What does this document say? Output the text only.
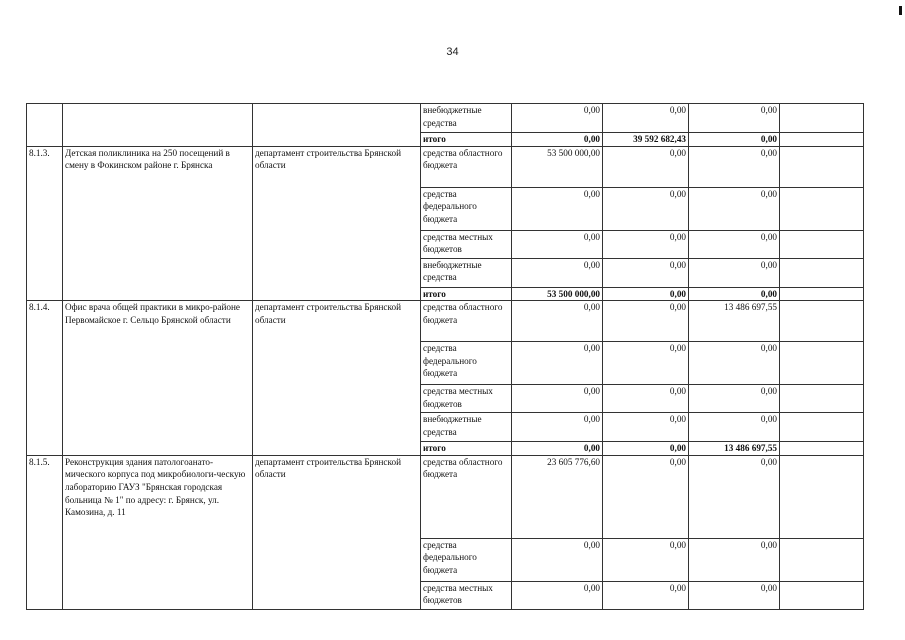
34
			внебюджетные средства	0,00	0,00	0,00	
			итого	0,00	39 592 682,43	0,00	
8.1.3.	Детская поликлиника на 250 посещений в смену в Фокинском районе г. Брянска	департамент строительства Брянской области	средства областного бюджета	53 500 000,00	0,00	0,00	
			средства федерального бюджета	0,00	0,00	0,00	
			средства местных бюджетов	0,00	0,00	0,00	
			внебюджетные средства	0,00	0,00	0,00	
			итого	53 500 000,00	0,00	0,00	
8.1.4.	Офис врача общей практики в микро-районе Первомайское г. Сельцо Брянской области	департамент строительства Брянской области	средства областного бюджета	0,00	0,00	13 486 697,55	
			средства федерального бюджета	0,00	0,00	0,00	
			средства местных бюджетов	0,00	0,00	0,00	
			внебюджетные средства	0,00	0,00	0,00	
			итого	0,00	0,00	13 486 697,55	
8.1.5.	Реконструкция здания патологоанато-мического корпуса под микробиологи-ческую лабораторию ГАУЗ "Брянская городская больница № 1" по адресу: г. Брянск, ул. Камозина, д. 11	департамент строительства Брянской области	средства областного бюджета	23 605 776,60	0,00	0,00	
			средства федерального бюджета	0,00	0,00	0,00	
			средства местных бюджетов	0,00	0,00	0,00	
